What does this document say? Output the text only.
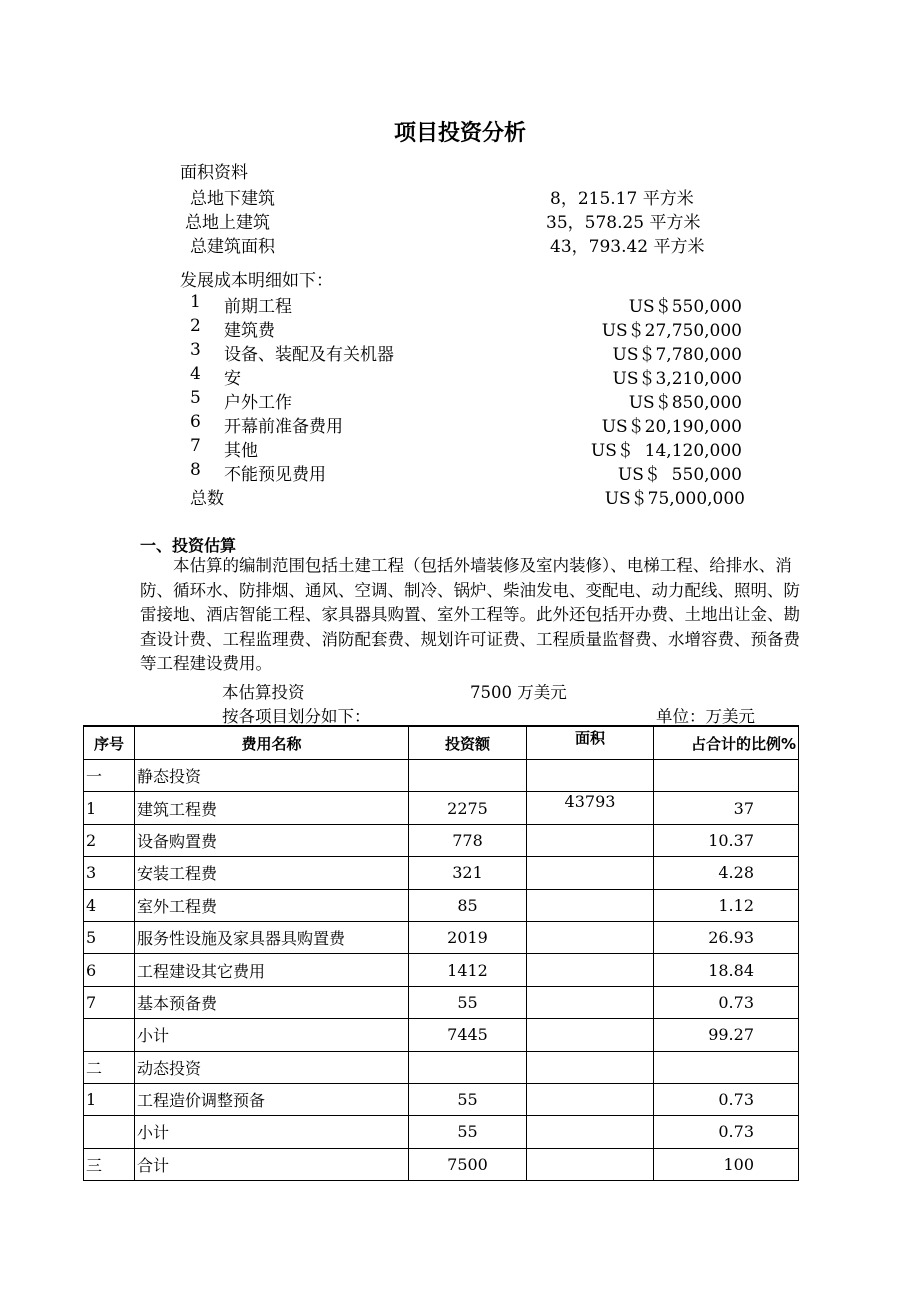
项目投资分析
面积资料
总地下建筑	8，215.17 平方米
总地上建筑	35，578.25 平方米
总建筑面积	43，793.42 平方米
发展成本明细如下：
1 前期工程	US＄550,000
2 建筑费	US＄27,750,000
3 设备、装配及有关机器	US＄7,780,000
4 安	US＄3,210,000
5 户外工作	US＄850,000
6 开幕前准备费用	US＄20,190,000
7 其他	US＄  14,120,000
8 不能预见费用	US＄  550,000
总数	US＄75,000,000
一、投资估算
本估算的编制范围包括土建工程（包括外墙装修及室内装修）、电梯工程、给排水、消防、循环水、防排烟、通风、空调、制冷、锅炉、柴油发电、变配电、动力配线、照明、防雷接地、酒店智能工程、家具器具购置、室外工程等。此外还包括开办费、土地出让金、勘查设计费、工程监理费、消防配套费、规划许可证费、工程质量监督费、水增容费、预备费等工程建设费用。
本估算投资	7500 万美元
按各项目划分如下：	单位：万美元
序号	费用名称	投资额	面积	占合计的比例%
一	静态投资			
1	建筑工程费	2275	43793	37
2	设备购置费	778		10.37
3	安装工程费	321		4.28
4	室外工程费	85		1.12
5	服务性设施及家具器具购置费	2019		26.93
6	工程建设其它费用	1412		18.84
7	基本预备费	55		0.73
	小计	7445		99.27
二	动态投资			
1	工程造价调整预备	55		0.73
	小计	55		0.73
三	合计	7500		100
